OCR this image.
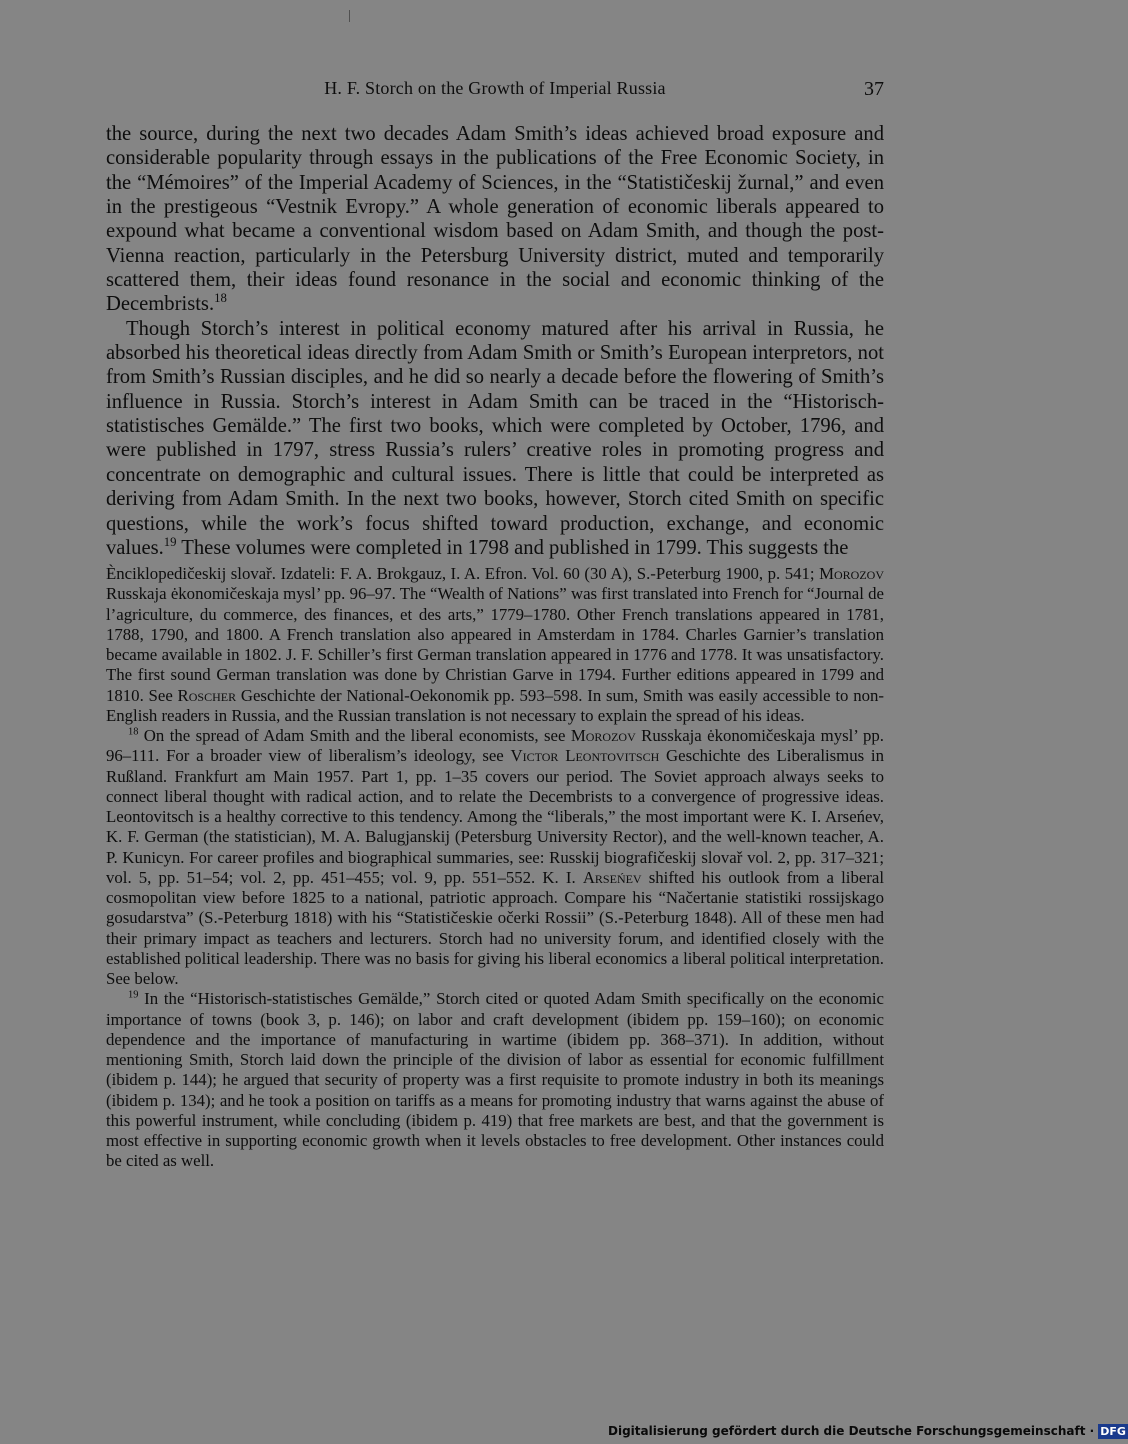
H. F. Storch on the Growth of Imperial Russia	37

the source, during the next two decades Adam Smith’s ideas achieved broad exposure and considerable popularity through essays in the publications of the Free Economic Society, in the “Mémoires” of the Imperial Academy of Sciences, in the “Statističeskij žurnal,” and even in the prestigeous “Vestnik Evropy.” A whole generation of economic liberals appeared to expound what became a conventional wisdom based on Adam Smith, and though the post-Vienna reaction, particularly in the Petersburg University district, muted and temporarily scattered them, their ideas found resonance in the social and economic thinking of the Decembrists.$^{18}$

Though Storch’s interest in political economy matured after his arrival in Russia, he absorbed his theoretical ideas directly from Adam Smith or Smith’s European interpretors, not from Smith’s Russian disciples, and he did so nearly a decade before the flowering of Smith’s influence in Russia. Storch’s interest in Adam Smith can be traced in the “Historisch-statistisches Gemälde.” The first two books, which were completed by October, 1796, and were published in 1797, stress Russia’s rulers’ creative roles in promoting progress and concentrate on demographic and cultural issues. There is little that could be interpreted as deriving from Adam Smith. In the next two books, however, Storch cited Smith on specific questions, while the work’s focus shifted toward production, exchange, and economic values.$^{19}$ These volumes were completed in 1798 and published in 1799. This suggests the

Ènciklopedičeskij slovař. Izdateli: F. A. Brokgauz, I. A. Efron. Vol. 60 (30 A), S.-Peterburg 1900, p. 541; Morozov Russkaja ėkonomičeskaja mysl’ pp. 96–97. The “Wealth of Nations” was first translated into French for “Journal de l’agriculture, du commerce, des finances, et des arts,” 1779–1780. Other French translations appeared in 1781, 1788, 1790, and 1800. A French translation also appeared in Amsterdam in 1784. Charles Garnier’s translation became available in 1802. J. F. Schiller’s first German translation appeared in 1776 and 1778. It was unsatisfactory. The first sound German translation was done by Christian Garve in 1794. Further editions appeared in 1799 and 1810. See Roscher Geschichte der National-Oekonomik pp. 593–598. In sum, Smith was easily accessible to non-English readers in Russia, and the Russian translation is not necessary to explain the spread of his ideas.

$^{18}$ On the spread of Adam Smith and the liberal economists, see Morozov Russkaja ėkonomičeskaja mysl’ pp. 96–111. For a broader view of liberalism’s ideology, see Victor Leontovitsch Geschichte des Liberalismus in Rußland. Frankfurt am Main 1957. Part 1, pp. 1–35 covers our period. The Soviet approach always seeks to connect liberal thought with radical action, and to relate the Decembrists to a convergence of progressive ideas. Leontovitsch is a healthy corrective to this tendency. Among the “liberals,” the most important were K. I. Arseńev, K. F. German (the statistician), M. A. Balugjanskij (Petersburg University Rector), and the well-known teacher, A. P. Kunicyn. For career profiles and biographical summaries, see: Russkij biografičeskij slovař vol. 2, pp. 317–321; vol. 5, pp. 51–54; vol. 2, pp. 451–455; vol. 9, pp. 551–552. K. I. Arseńev shifted his outlook from a liberal cosmopolitan view before 1825 to a national, patriotic approach. Compare his “Načertanie statistiki rossijskago gosudarstva” (S.-Peterburg 1818) with his “Statističeskie očerki Rossii” (S.-Peterburg 1848). All of these men had their primary impact as teachers and lecturers. Storch had no university forum, and identified closely with the established political leadership. There was no basis for giving his liberal economics a liberal political interpretation. See below.

$^{19}$ In the “Historisch-statistisches Gemälde,” Storch cited or quoted Adam Smith specifically on the economic importance of towns (book 3, p. 146); on labor and craft development (ibidem pp. 159–160); on economic dependence and the importance of manufacturing in wartime (ibidem pp. 368–371). In addition, without mentioning Smith, Storch laid down the principle of the division of labor as essential for economic fulfillment (ibidem p. 144); he argued that security of property was a first requisite to promote industry in both its meanings (ibidem p. 134); and he took a position on tariffs as a means for promoting industry that warns against the abuse of this powerful instrument, while concluding (ibidem p. 419) that free markets are best, and that the government is most effective in supporting economic growth when it levels obstacles to free development. Other instances could be cited as well.

Digitalisierung gefördert durch die Deutsche Forschungsgemeinschaft · DFG
